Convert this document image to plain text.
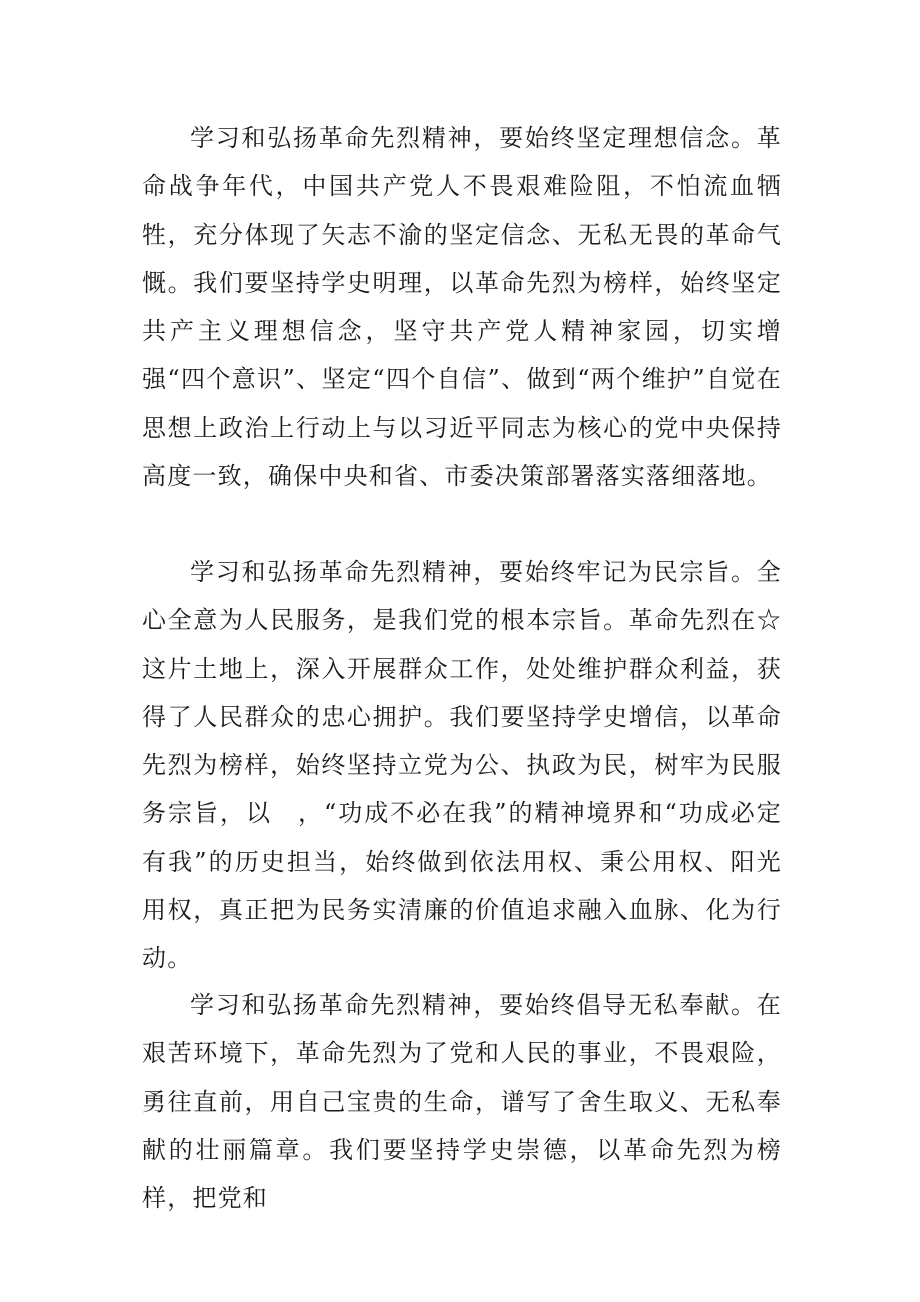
学习和弘扬革命先烈精神，要始终坚定理想信念。革命战争年代，中国共产党人不畏艰难险阻，不怕流血牺牲，充分体现了矢志不渝的坚定信念、无私无畏的革命气慨。我们要坚持学史明理，以革命先烈为榜样，始终坚定共产主义理想信念，坚守共产党人精神家园，切实增强“四个意识”、坚定“四个自信”、做到“两个维护”自觉在思想上政治上行动上与以习近平同志为核心的党中央保持高度一致，确保中央和省、市委决策部署落实落细落地。

学习和弘扬革命先烈精神，要始终牢记为民宗旨。全心全意为人民服务，是我们党的根本宗旨。革命先烈在☆这片土地上，深入开展群众工作，处处维护群众利益，获得了人民群众的忠心拥护。我们要坚持学史增信，以革命先烈为榜样，始终坚持立党为公、执政为民，树牢为民服务宗旨，以　，“功成不必在我”的精神境界和“功成必定有我”的历史担当，始终做到依法用权、秉公用权、阳光用权，真正把为民务实清廉的价值追求融入血脉、化为行动。

学习和弘扬革命先烈精神，要始终倡导无私奉献。在艰苦环境下，革命先烈为了党和人民的事业，不畏艰险，勇往直前，用自己宝贵的生命，谱写了舍生取义、无私奉献的壮丽篇章。我们要坚持学史崇德，以革命先烈为榜样，把党和
